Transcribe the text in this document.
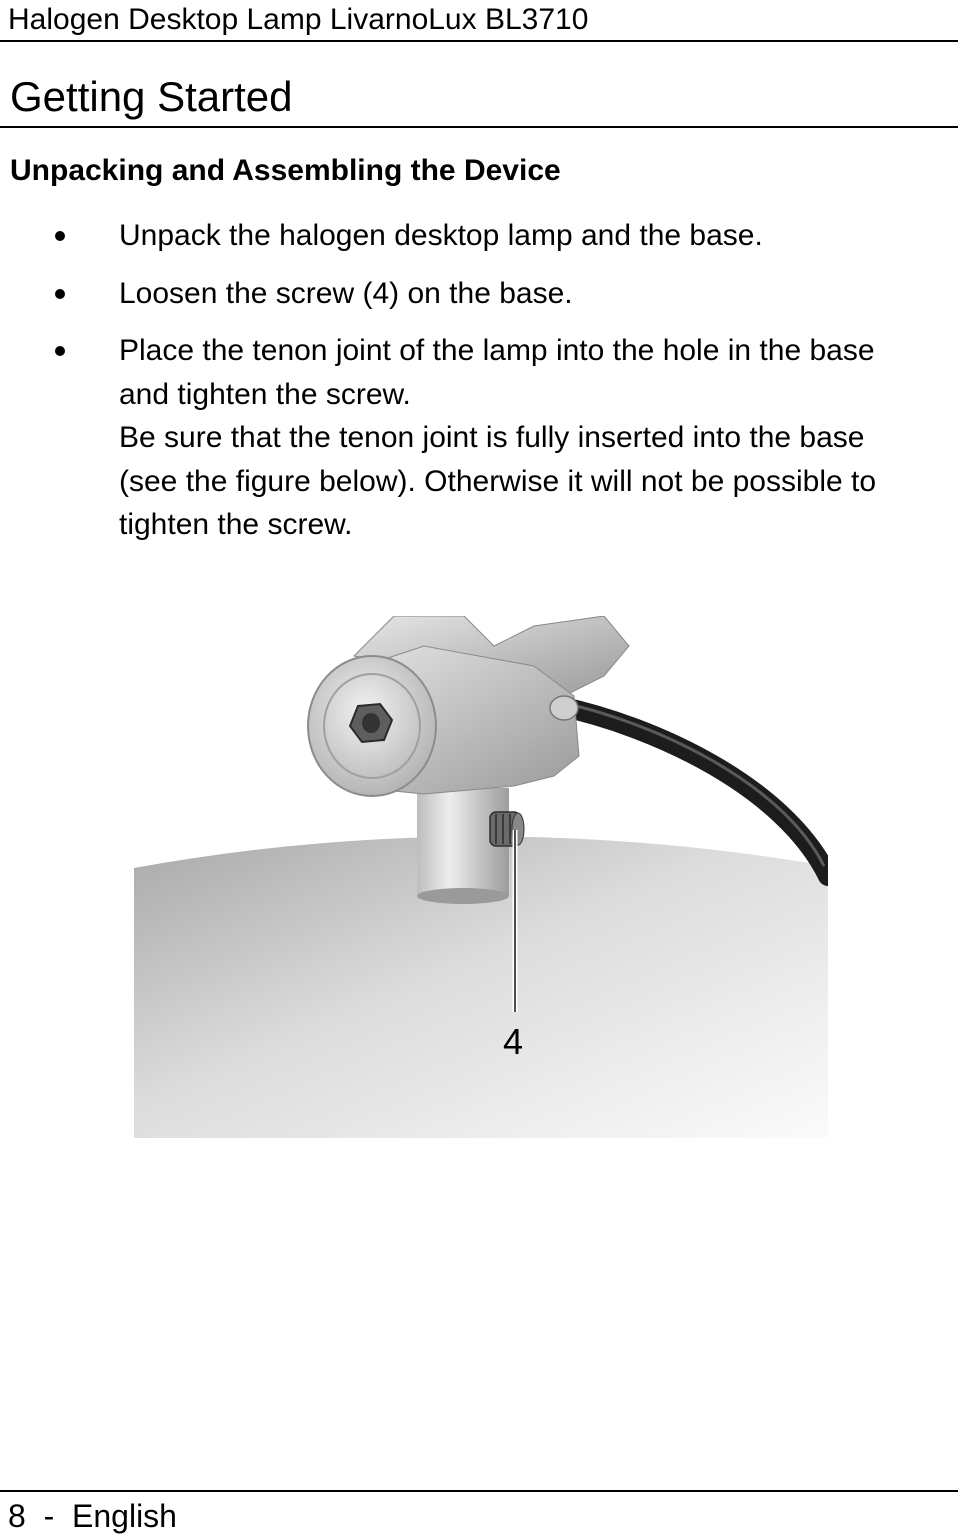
Halogen Desktop Lamp LivarnoLux BL3710
Getting Started
Unpacking and Assembling the Device

Unpack the halogen desktop lamp and the base.

Loosen the screw (4) on the base.

Place the tenon joint of the lamp into the hole in the base and tighten the screw.

Be sure that the tenon joint is fully inserted into the base (see the figure below). Otherwise it will not be possible to tighten the screw.

4
8 - English
